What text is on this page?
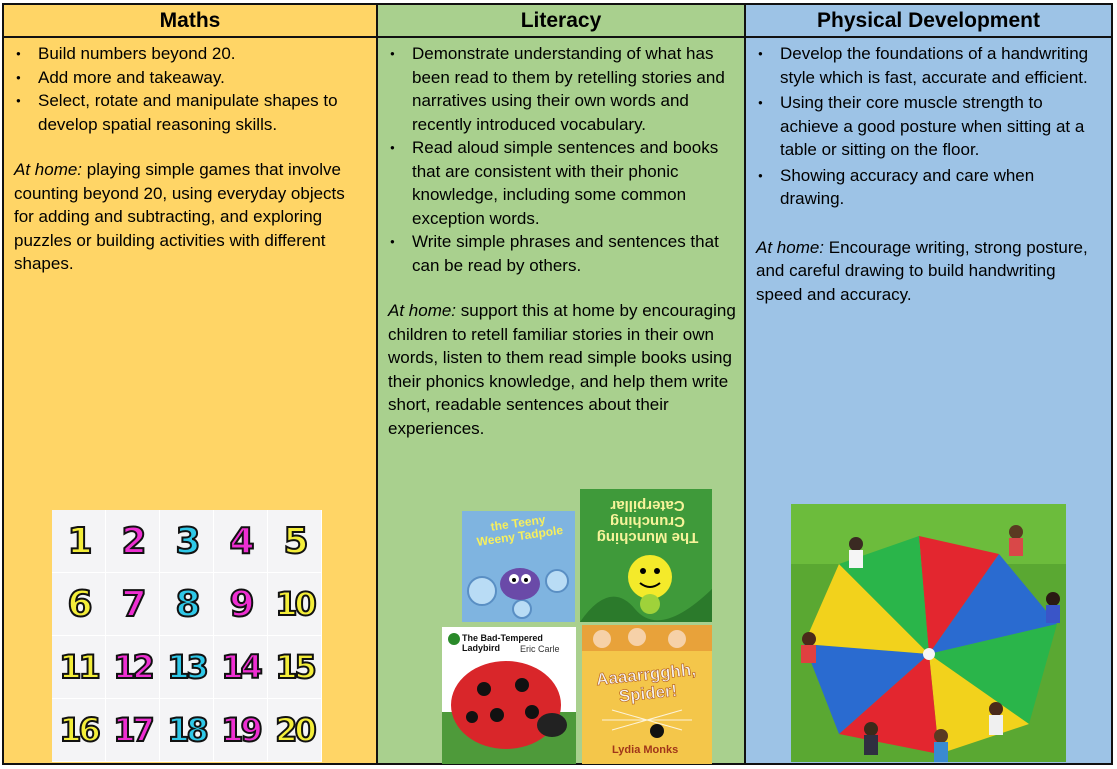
Maths
● Build numbers beyond 20.
● Add more and takeaway.
● Select, rotate and manipulate shapes to develop spatial reasoning skills.
At home: playing simple games that involve counting beyond 20, using everyday objects for adding and subtracting, and exploring puzzles or building activities with different shapes.
1 2 3 4 5
6 7 8 9 10
11 12 13 14 15
16 17 18 19 20
Literacy
● Demonstrate understanding of what has been read to them by retelling stories and narratives using their own words and recently introduced vocabulary.
● Read aloud simple sentences and books that are consistent with their phonic knowledge, including some common exception words.
● Write simple phrases and sentences that can be read by others.
At home: support this at home by encouraging children to retell familiar stories in their own words, listen to them read simple books using their phonics knowledge, and help them write short, readable sentences about their experiences.
the Teeny Weeny Tadpole	The Munching Crunching Caterpillar
The Bad-Tempered Ladybird	Eric Carle
Aaaarrgghh, Spider!
Lydia Monks
Physical Development
● Develop the foundations of a handwriting style which is fast, accurate and efficient.
● Using their core muscle strength to achieve a good posture when sitting at a table or sitting on the floor.
● Showing accuracy and care when drawing.
At home: Encourage writing, strong posture, and careful drawing to build handwriting speed and accuracy.
